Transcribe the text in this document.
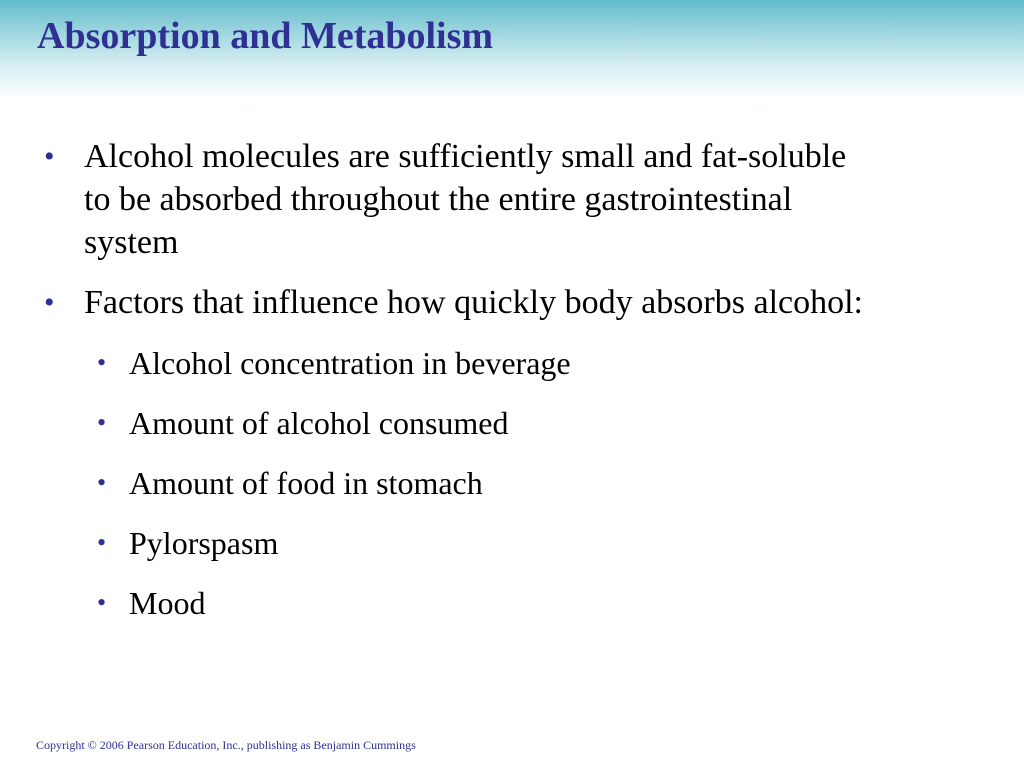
Absorption and Metabolism
• Alcohol molecules are sufficiently small and fat-soluble
to be absorbed throughout the entire gastrointestinal
system
• Factors that influence how quickly body absorbs alcohol:
• Alcohol concentration in beverage
• Amount of alcohol consumed
• Amount of food in stomach
• Pylorspasm
• Mood
Copyright © 2006 Pearson Education, Inc., publishing as Benjamin Cummings
